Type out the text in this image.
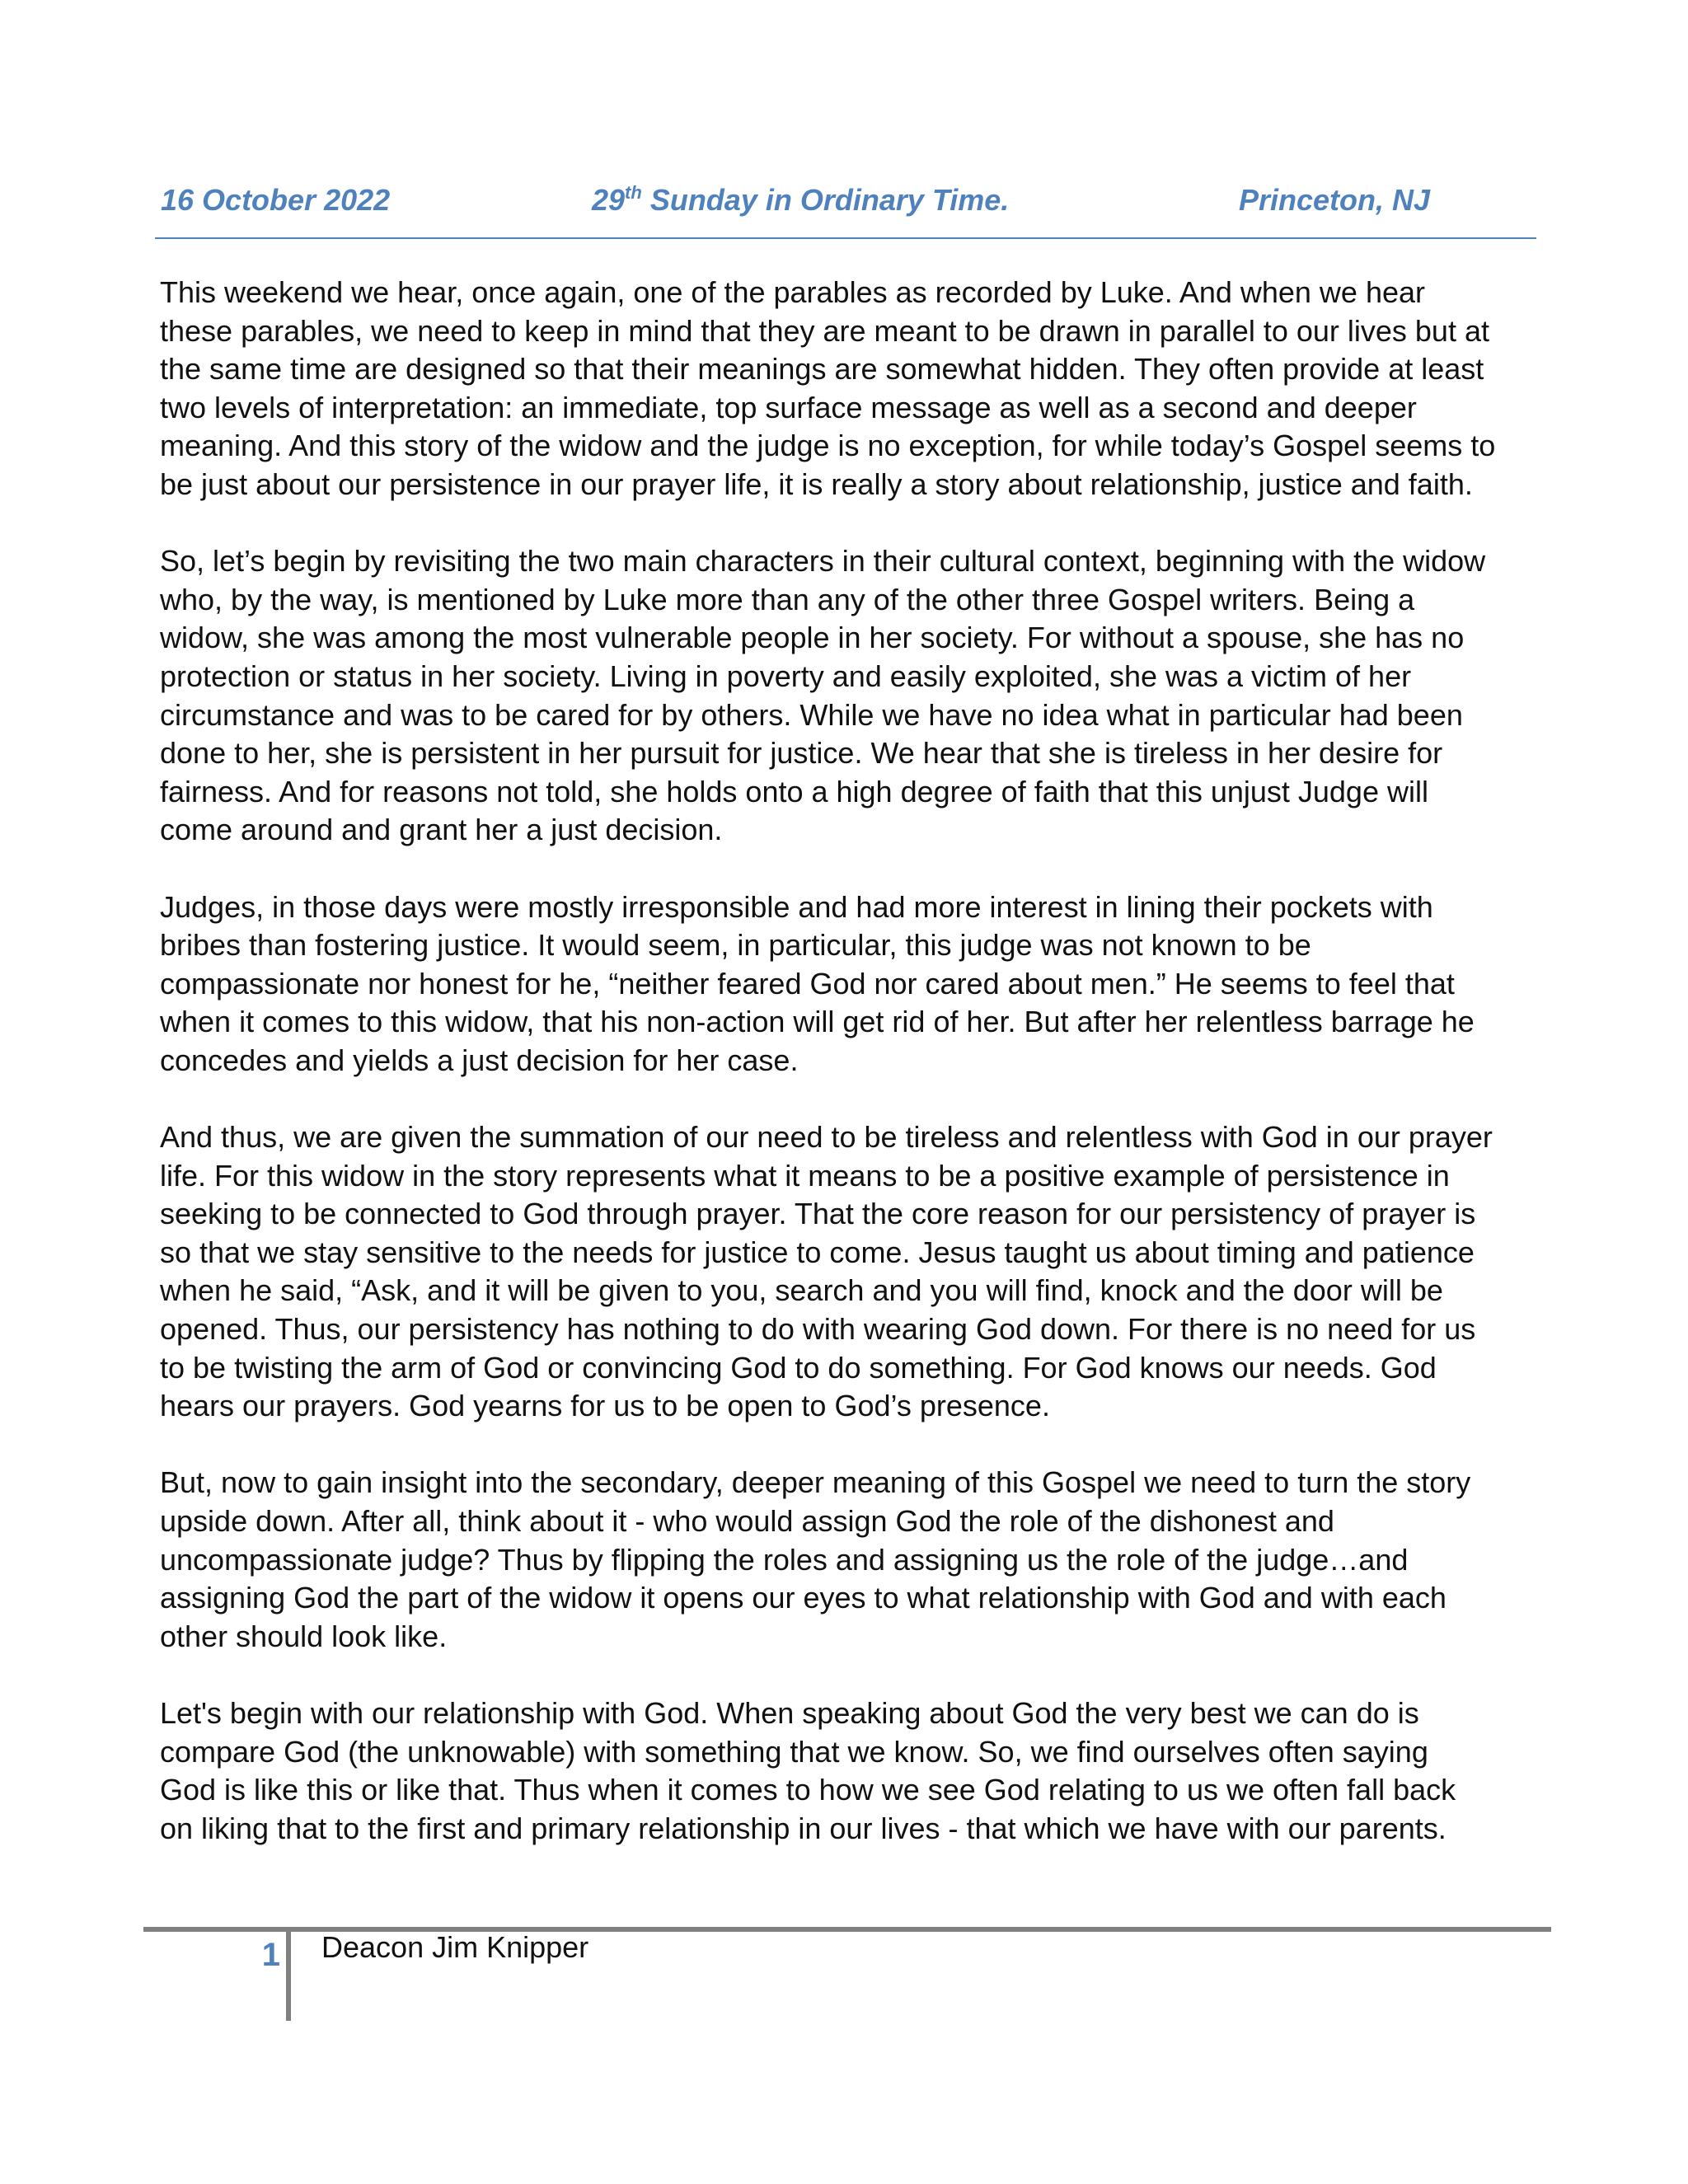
16 October 2022	29th Sunday in Ordinary Time.	Princeton, NJ

This weekend we hear, once again, one of the parables as recorded by Luke. And when we hear
these parables, we need to keep in mind that they are meant to be drawn in parallel to our lives but at
the same time are designed so that their meanings are somewhat hidden. They often provide at least
two levels of interpretation: an immediate, top surface message as well as a second and deeper
meaning. And this story of the widow and the judge is no exception, for while today’s Gospel seems to
be just about our persistence in our prayer life, it is really a story about relationship, justice and faith.

So, let’s begin by revisiting the two main characters in their cultural context, beginning with the widow
who, by the way, is mentioned by Luke more than any of the other three Gospel writers. Being a
widow, she was among the most vulnerable people in her society. For without a spouse, she has no
protection or status in her society. Living in poverty and easily exploited, she was a victim of her
circumstance and was to be cared for by others. While we have no idea what in particular had been
done to her, she is persistent in her pursuit for justice. We hear that she is tireless in her desire for
fairness. And for reasons not told, she holds onto a high degree of faith that this unjust Judge will
come around and grant her a just decision.

Judges, in those days were mostly irresponsible and had more interest in lining their pockets with
bribes than fostering justice. It would seem, in particular, this judge was not known to be
compassionate nor honest for he, “neither feared God nor cared about men.” He seems to feel that
when it comes to this widow, that his non-action will get rid of her. But after her relentless barrage he
concedes and yields a just decision for her case.

And thus, we are given the summation of our need to be tireless and relentless with God in our prayer
life. For this widow in the story represents what it means to be a positive example of persistence in
seeking to be connected to God through prayer. That the core reason for our persistency of prayer is
so that we stay sensitive to the needs for justice to come. Jesus taught us about timing and patience
when he said, “Ask, and it will be given to you, search and you will find, knock and the door will be
opened. Thus, our persistency has nothing to do with wearing God down. For there is no need for us
to be twisting the arm of God or convincing God to do something. For God knows our needs. God
hears our prayers. God yearns for us to be open to God’s presence.

But, now to gain insight into the secondary, deeper meaning of this Gospel we need to turn the story
upside down. After all, think about it - who would assign God the role of the dishonest and
uncompassionate judge? Thus by flipping the roles and assigning us the role of the judge…and
assigning God the part of the widow it opens our eyes to what relationship with God and with each
other should look like.

Let's begin with our relationship with God. When speaking about God the very best we can do is
compare God (the unknowable) with something that we know. So, we find ourselves often saying
God is like this or like that. Thus when it comes to how we see God relating to us we often fall back
on liking that to the first and primary relationship in our lives - that which we have with our parents.

1 Deacon Jim Knipper
